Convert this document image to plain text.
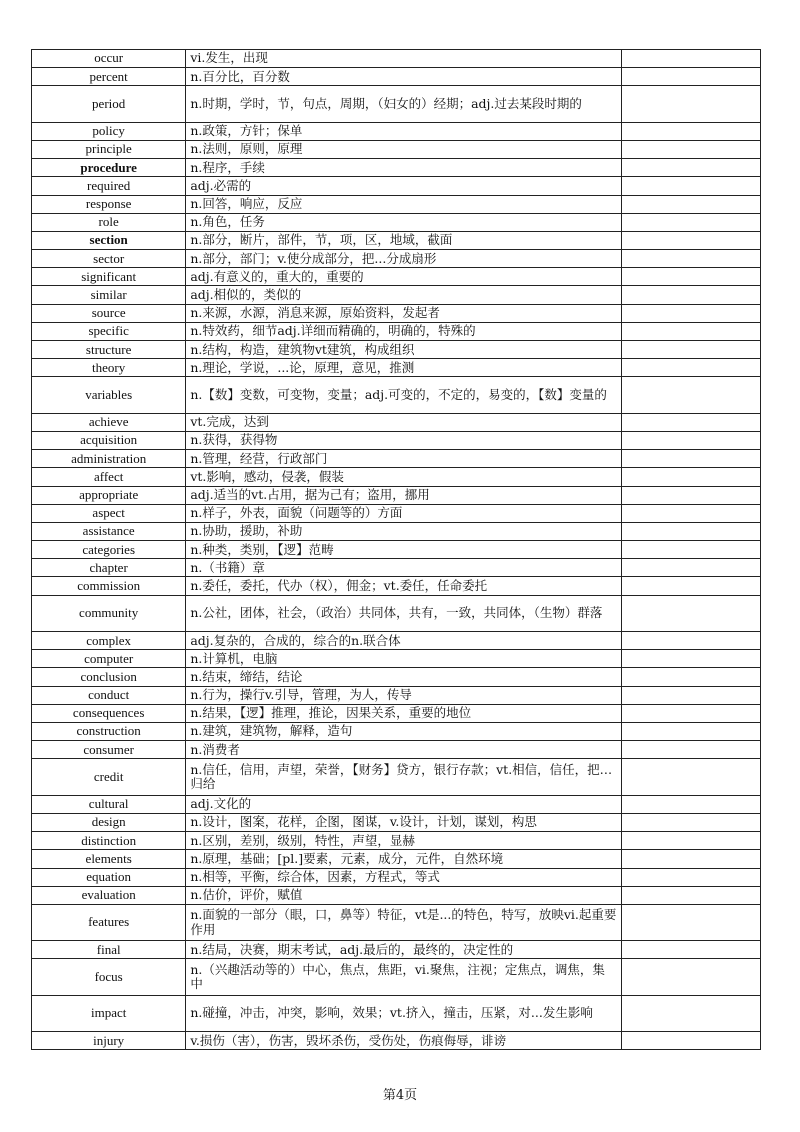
occur	vi.发生，出现	
percent	n.百分比，百分数	
period	n.时期，学时，节，句点，周期，（妇女的）经期；adj.过去某段时期的	
policy	n.政策，方针；保单	
principle	n.法则，原则，原理	
procedure	n.程序，手续	
required	adj.必需的	
response	n.回答，响应，反应	
role	n.角色，任务	
section	n.部分，断片，部件，节，项，区，地域，截面	
sector	n.部分，部门；v.使分成部分，把...分成扇形	
significant	adj.有意义的，重大的，重要的	
similar	adj.相似的，类似的	
source	n.来源，水源，消息来源，原始资料，发起者	
specific	n.特效药，细节adj.详细而精确的，明确的，特殊的	
structure	n.结构，构造，建筑物vt建筑，构成组织	
theory	n.理论，学说，...论，原理，意见，推测	
variables	n.【数】变数，可变物，变量；adj.可变的，不定的，易变的，【数】变量的	
achieve	vt.完成，达到	
acquisition	n.获得，获得物	
administration	n.管理，经营，行政部门	
affect	vt.影响，感动，侵袭，假装	
appropriate	adj.适当的vt.占用，据为己有；盗用，挪用	
aspect	n.样子，外表，面貌（问题等的）方面	
assistance	n.协助，援助，补助	
categories	n.种类，类别，【逻】范畴	
chapter	n.（书籍）章	
commission	n.委任，委托，代办（权），佣金；vt.委任，任命委托	
community	n.公社，团体，社会，（政治）共同体，共有，一致，共同体，（生物）群落	
complex	adj.复杂的，合成的，综合的n.联合体	
computer	n.计算机，电脑	
conclusion	n.结束，缔结，结论	
conduct	n.行为，操行v.引导，管理，为人，传导	
consequences	n.结果，【逻】推理，推论，因果关系，重要的地位	
construction	n.建筑，建筑物，解释，造句	
consumer	n.消费者	
credit	n.信任，信用，声望，荣誉，【财务】贷方，银行存款；vt.相信，信任，把…归给	
cultural	adj.文化的	
design	n.设计，图案，花样，企图，图谋，v.设计，计划，谋划，构思	
distinction	n.区别，差别，级别，特性，声望，显赫	
elements	n.原理，基础；[pl.]要素，元素，成分，元件，自然环境	
equation	n.相等，平衡，综合体，因素，方程式，等式	
evaluation	n.估价，评价，赋值	
features	n.面貌的一部分（眼，口，鼻等）特征，vt是...的特色，特写，放映vi.起重要作用	
final	n.结局，决赛，期末考试，adj.最后的，最终的，决定性的	
focus	n.（兴趣活动等的）中心，焦点，焦距，vi.聚焦，注视；定焦点，调焦，集中	
impact	n.碰撞，冲击，冲突，影响，效果；vt.挤入，撞击，压紧，对...发生影响	
injury	v.损伤（害），伤害，毁坏杀伤，受伤处，伤痕侮辱，诽谤	
第4页
